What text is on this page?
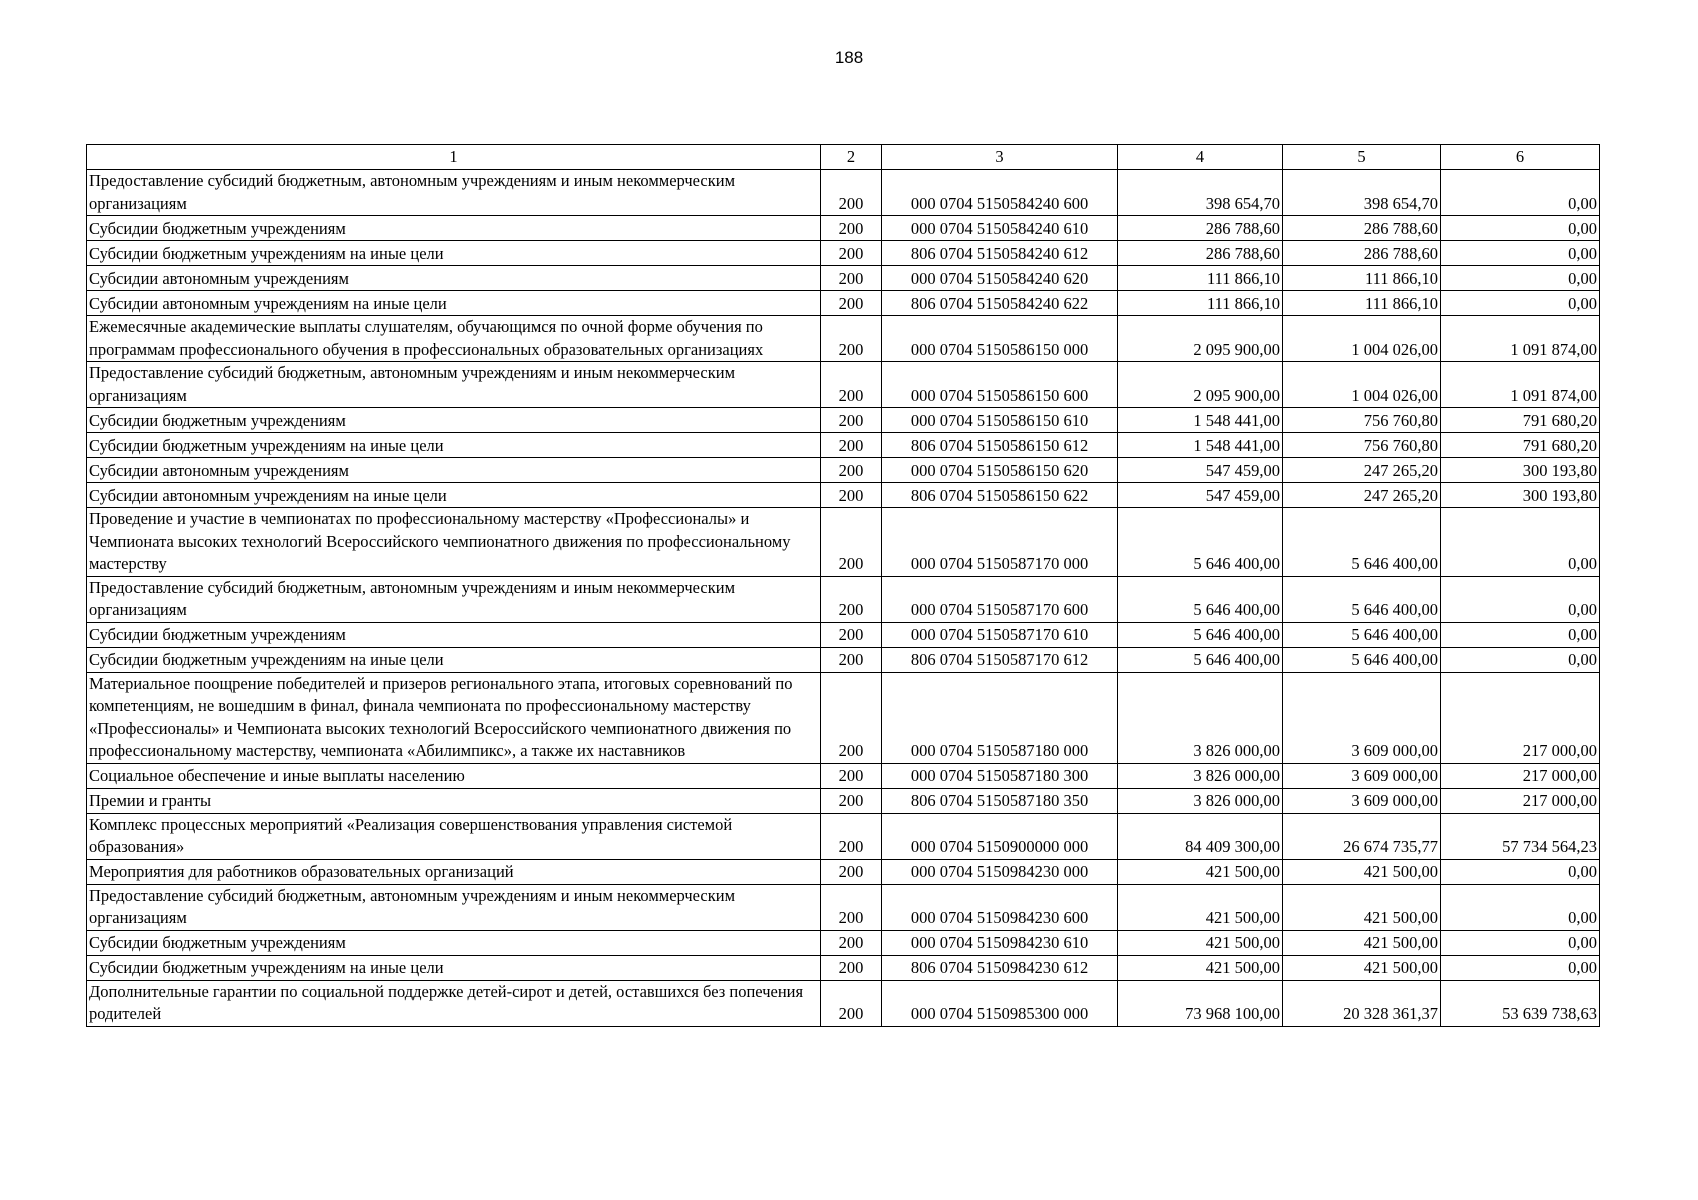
188
1	2	3	4	5	6
Предоставление субсидий бюджетным, автономным учреждениям и иным некоммерческим организациям	200	000 0704 5150584240 600	398 654,70	398 654,70	0,00
Субсидии бюджетным учреждениям	200	000 0704 5150584240 610	286 788,60	286 788,60	0,00
Субсидии бюджетным учреждениям на иные цели	200	806 0704 5150584240 612	286 788,60	286 788,60	0,00
Субсидии автономным учреждениям	200	000 0704 5150584240 620	111 866,10	111 866,10	0,00
Субсидии автономным учреждениям на иные цели	200	806 0704 5150584240 622	111 866,10	111 866,10	0,00
Ежемесячные академические выплаты слушателям, обучающимся по очной форме обучения по программам профессионального обучения в профессиональных образовательных организациях	200	000 0704 5150586150 000	2 095 900,00	1 004 026,00	1 091 874,00
Предоставление субсидий бюджетным, автономным учреждениям и иным некоммерческим организациям	200	000 0704 5150586150 600	2 095 900,00	1 004 026,00	1 091 874,00
Субсидии бюджетным учреждениям	200	000 0704 5150586150 610	1 548 441,00	756 760,80	791 680,20
Субсидии бюджетным учреждениям на иные цели	200	806 0704 5150586150 612	1 548 441,00	756 760,80	791 680,20
Субсидии автономным учреждениям	200	000 0704 5150586150 620	547 459,00	247 265,20	300 193,80
Субсидии автономным учреждениям на иные цели	200	806 0704 5150586150 622	547 459,00	247 265,20	300 193,80
Проведение и участие в чемпионатах по профессиональному мастерству «Профессионалы» и Чемпионата высоких технологий Всероссийского чемпионатного движения по профессиональному мастерству	200	000 0704 5150587170 000	5 646 400,00	5 646 400,00	0,00
Предоставление субсидий бюджетным, автономным учреждениям и иным некоммерческим организациям	200	000 0704 5150587170 600	5 646 400,00	5 646 400,00	0,00
Субсидии бюджетным учреждениям	200	000 0704 5150587170 610	5 646 400,00	5 646 400,00	0,00
Субсидии бюджетным учреждениям на иные цели	200	806 0704 5150587170 612	5 646 400,00	5 646 400,00	0,00
Материальное поощрение победителей и призеров регионального этапа, итоговых соревнований по компетенциям, не вошедшим в финал, финала чемпионата по профессиональному мастерству «Профессионалы» и Чемпионата высоких технологий Всероссийского чемпионатного движения по профессиональному мастерству, чемпионата «Абилимпикс», а также их наставников	200	000 0704 5150587180 000	3 826 000,00	3 609 000,00	217 000,00
Социальное обеспечение и иные выплаты населению	200	000 0704 5150587180 300	3 826 000,00	3 609 000,00	217 000,00
Премии и гранты	200	806 0704 5150587180 350	3 826 000,00	3 609 000,00	217 000,00
Комплекс процессных мероприятий «Реализация совершенствования управления системой образования»	200	000 0704 5150900000 000	84 409 300,00	26 674 735,77	57 734 564,23
Мероприятия для работников образовательных организаций	200	000 0704 5150984230 000	421 500,00	421 500,00	0,00
Предоставление субсидий бюджетным, автономным учреждениям и иным некоммерческим организациям	200	000 0704 5150984230 600	421 500,00	421 500,00	0,00
Субсидии бюджетным учреждениям	200	000 0704 5150984230 610	421 500,00	421 500,00	0,00
Субсидии бюджетным учреждениям на иные цели	200	806 0704 5150984230 612	421 500,00	421 500,00	0,00
Дополнительные гарантии по социальной поддержке детей-сирот и детей, оставшихся без попечения родителей	200	000 0704 5150985300 000	73 968 100,00	20 328 361,37	53 639 738,63
